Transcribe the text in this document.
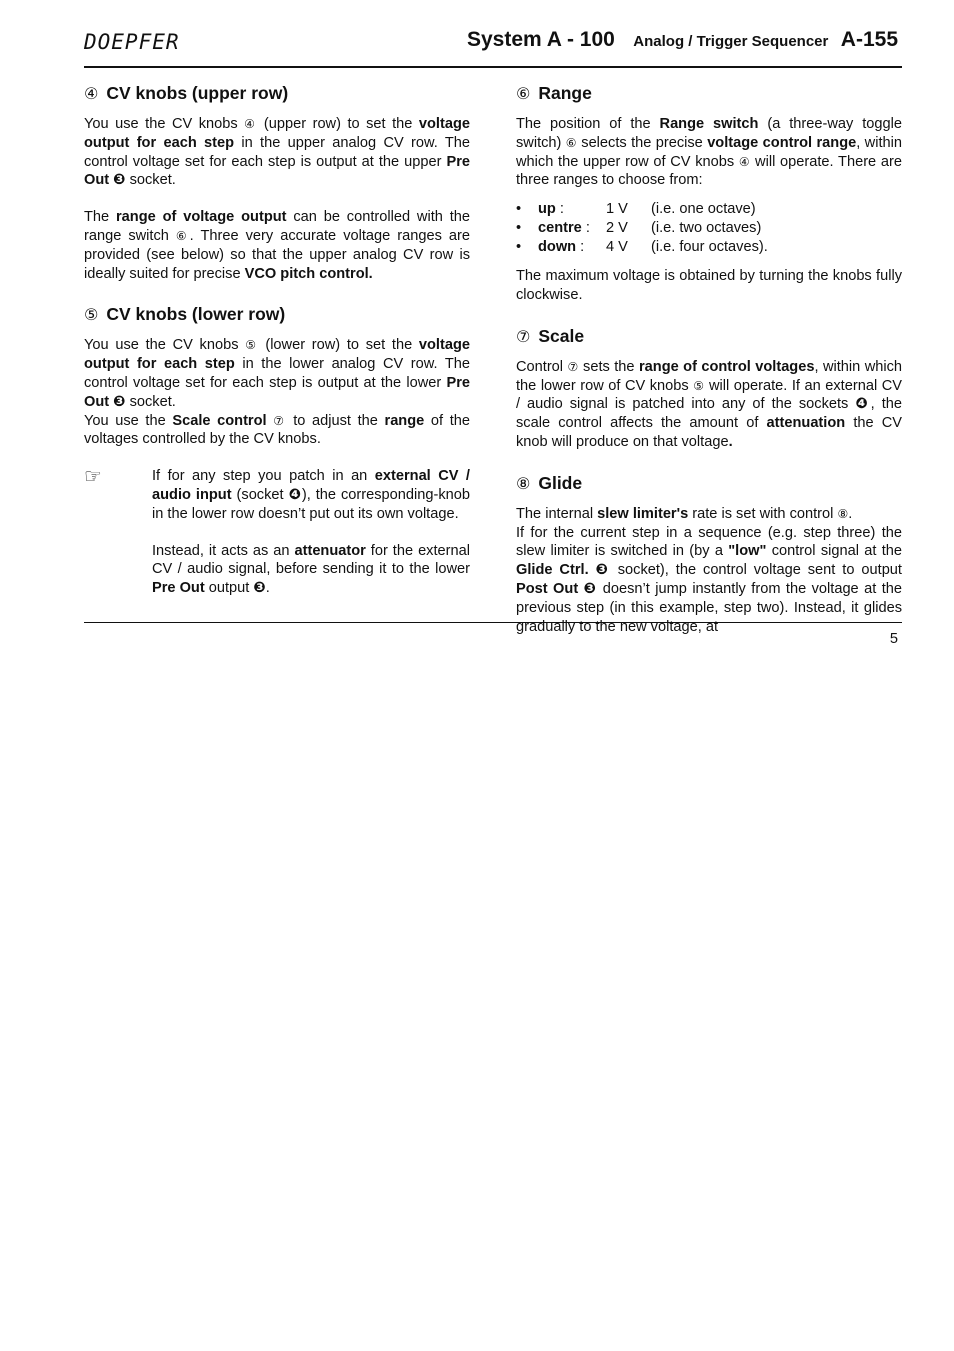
DOEPFER	System A - 100 Analog / Trigger Sequencer A-155
④ CV knobs (upper row)

You use the CV knobs ④ (upper row) to set the voltage output for each step in the upper analog CV row. The control voltage set for each step is output at the upper Pre Out ❸ socket.

The range of voltage output can be controlled with the range switch ⑥. Three very accurate voltage ranges are provided (see below) so that the upper analog CV row is ideally suited for precise VCO pitch control.

⑤ CV knobs (lower row)

You use the CV knobs ⑤ (lower row) to set the voltage output for each step in the lower analog CV row. The control voltage set for each step is output at the lower Pre Out ❸ socket.

You use the Scale control ⑦ to adjust the range of the voltages controlled by the CV knobs.

☞	If for any step you patch in an external CV / audio input (socket ❹), the corresponding-knob in the lower row doesn’t put out its own voltage.

Instead, it acts as an attenuator for the external CV / audio signal, before sending it to the lower Pre Out output ❸.

⑥ Range

The position of the Range switch (a three-way toggle switch) ⑥ selects the precise voltage control range, within which the upper row of CV knobs ④ will operate. There are three ranges to choose from:

•	up :	1 V	(i.e. one octave)
•	centre :	2 V	(i.e. two octaves)
•	down :	4 V	(i.e. four octaves).

The maximum voltage is obtained by turning the knobs fully clockwise.

⑦ Scale

Control ⑦ sets the range of control voltages, within which the lower row of CV knobs ⑤ will operate. If an external CV / audio signal is patched into any of the sockets ❹, the scale control affects the amount of attenuation the CV knob will produce on that voltage.

⑧ Glide

The internal slew limiter's rate is set with control ⑧.

If for the current step in a sequence (e.g. step three) the slew limiter is switched in (by a "low" control signal at the Glide Ctrl. ❸ socket), the control voltage sent to output Post Out ❸ doesn’t jump instantly from the voltage at the previous step (in this example, step two). Instead, it glides gradually to the new voltage, at

5
